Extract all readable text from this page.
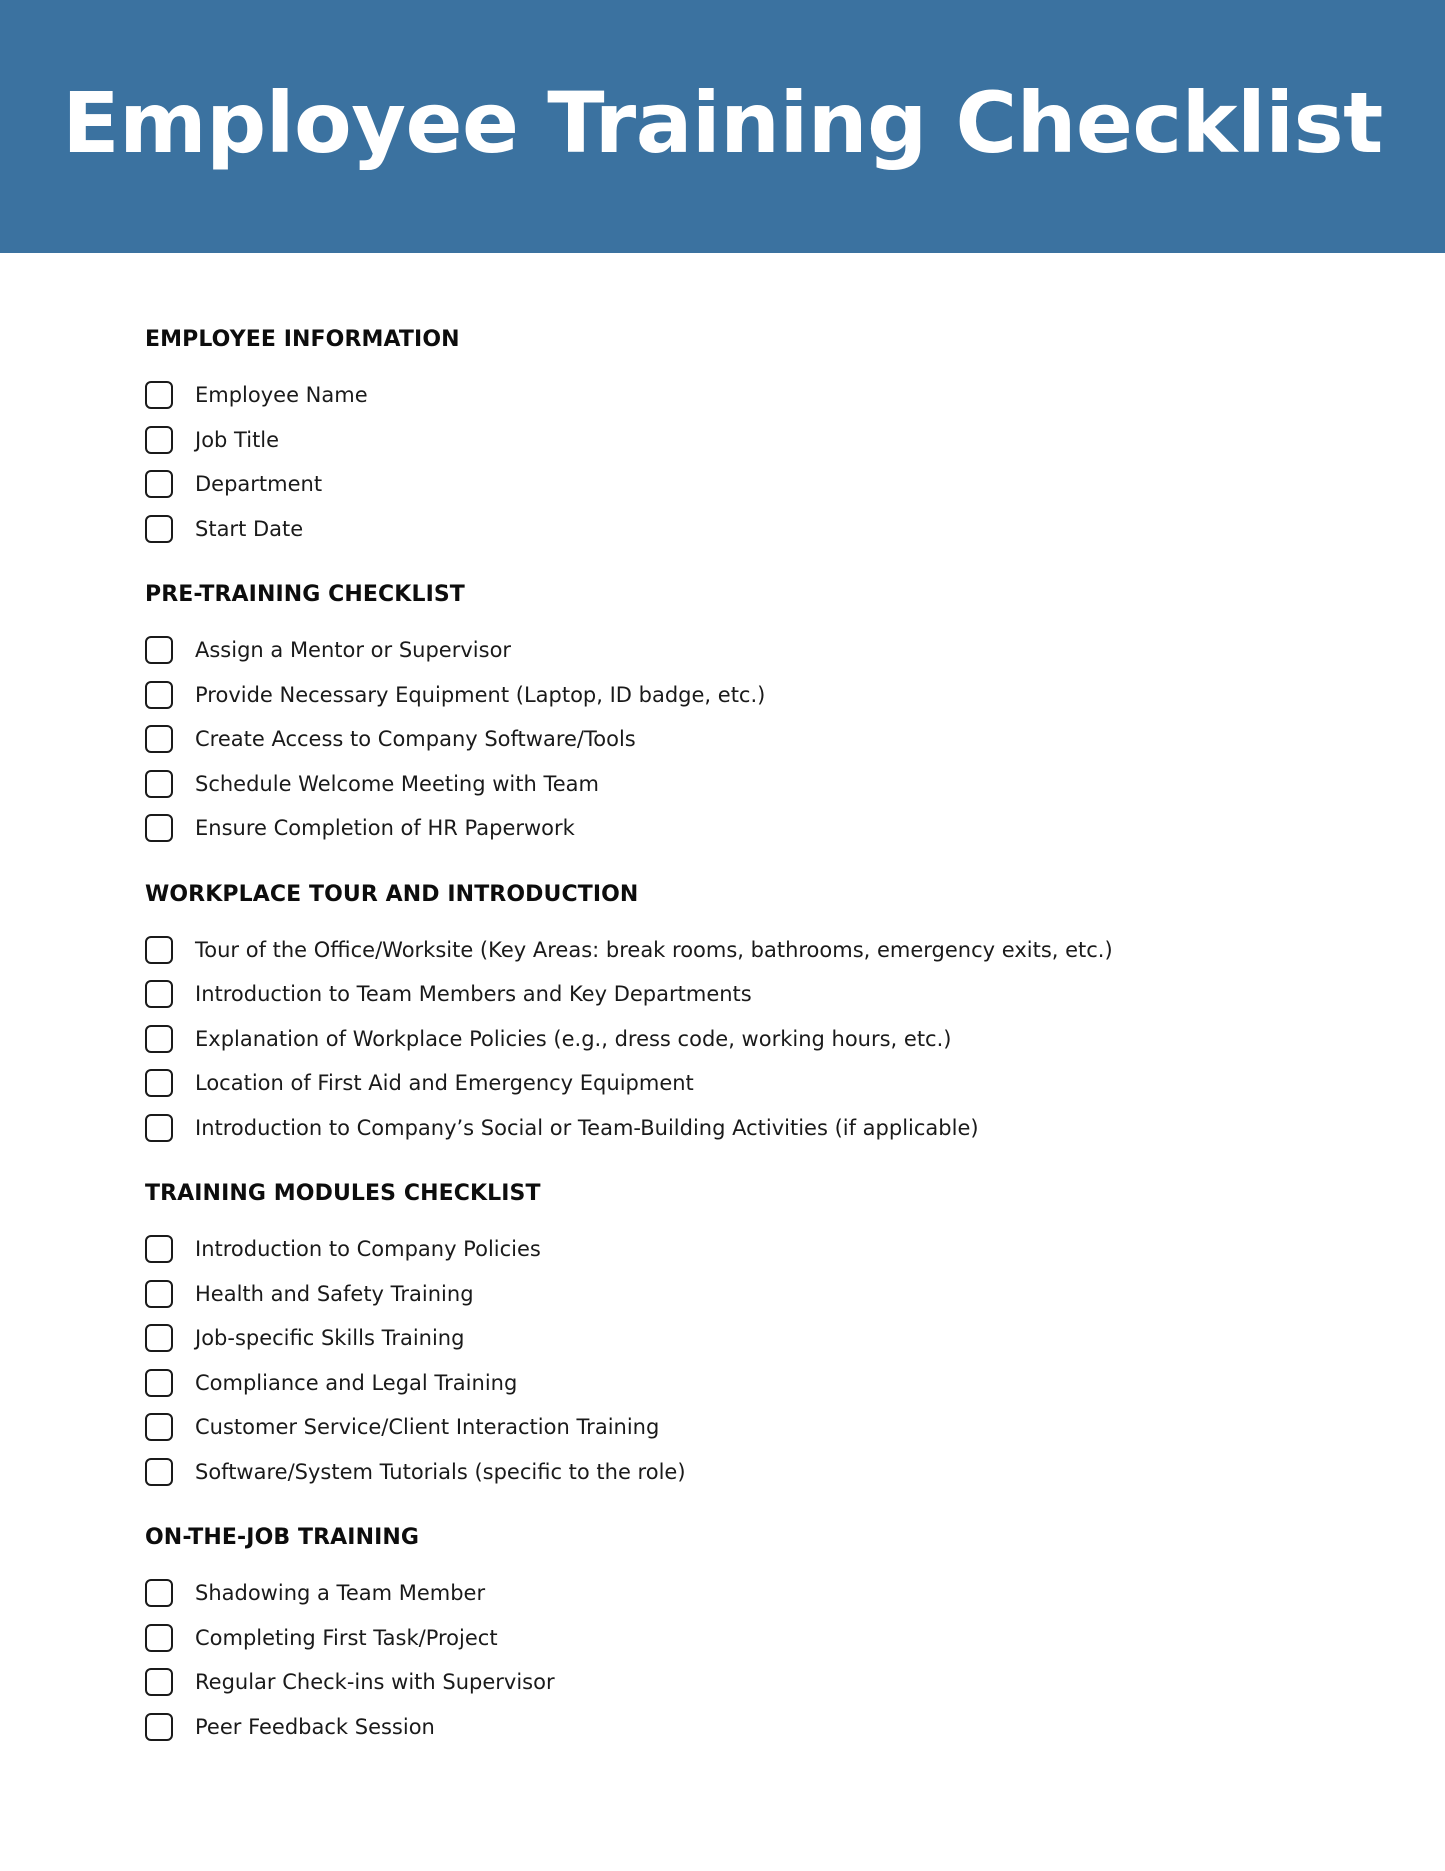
Employee Training Checklist
EMPLOYEE INFORMATION
Employee Name
Job Title
Department
Start Date
PRE-TRAINING CHECKLIST
Assign a Mentor or Supervisor
Provide Necessary Equipment (Laptop, ID badge, etc.)
Create Access to Company Software/Tools
Schedule Welcome Meeting with Team
Ensure Completion of HR Paperwork
WORKPLACE TOUR AND INTRODUCTION
Tour of the Office/Worksite (Key Areas: break rooms, bathrooms, emergency exits, etc.)
Introduction to Team Members and Key Departments
Explanation of Workplace Policies (e.g., dress code, working hours, etc.)
Location of First Aid and Emergency Equipment
Introduction to Company’s Social or Team-Building Activities (if applicable)
TRAINING MODULES CHECKLIST
Introduction to Company Policies
Health and Safety Training
Job-specific Skills Training
Compliance and Legal Training
Customer Service/Client Interaction Training
Software/System Tutorials (specific to the role)
ON-THE-JOB TRAINING
Shadowing a Team Member
Completing First Task/Project
Regular Check-ins with Supervisor
Peer Feedback Session
